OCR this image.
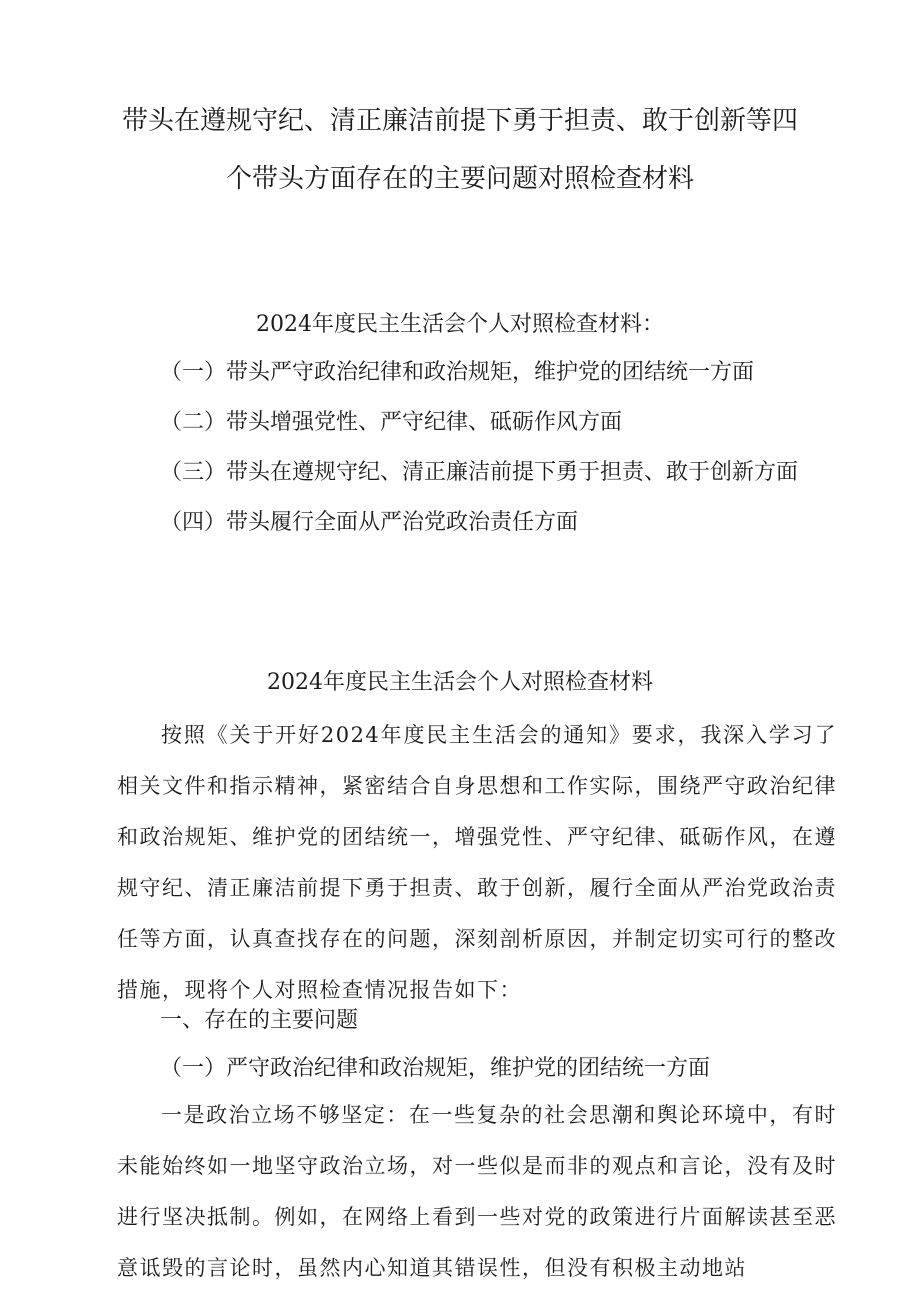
带头在遵规守纪、清正廉洁前提下勇于担责、敢于创新等四
个带头方面存在的主要问题对照检查材料
2024年度民主生活会个人对照检查材料：
（一）带头严守政治纪律和政治规矩，维护党的团结统一方面
（二）带头增强党性、严守纪律、砥砺作风方面
（三）带头在遵规守纪、清正廉洁前提下勇于担责、敢于创新方面
（四）带头履行全面从严治党政治责任方面
2024年度民主生活会个人对照检查材料
按照《关于开好2024年度民主生活会的通知》要求，我深入学习了相关文件和指示精神，紧密结合自身思想和工作实际，围绕严守政治纪律和政治规矩、维护党的团结统一，增强党性、严守纪律、砥砺作风，在遵规守纪、清正廉洁前提下勇于担责、敢于创新，履行全面从严治党政治责任等方面，认真查找存在的问题，深刻剖析原因，并制定切实可行的整改措施，现将个人对照检查情况报告如下：
一、存在的主要问题
（一）严守政治纪律和政治规矩，维护党的团结统一方面
一是政治立场不够坚定：在一些复杂的社会思潮和舆论环境中，有时未能始终如一地坚守政治立场，对一些似是而非的观点和言论，没有及时进行坚决抵制。例如，在网络上看到一些对党的政策进行片面解读甚至恶意诋毁的言论时，虽然内心知道其错误性，但没有积极主动地站
